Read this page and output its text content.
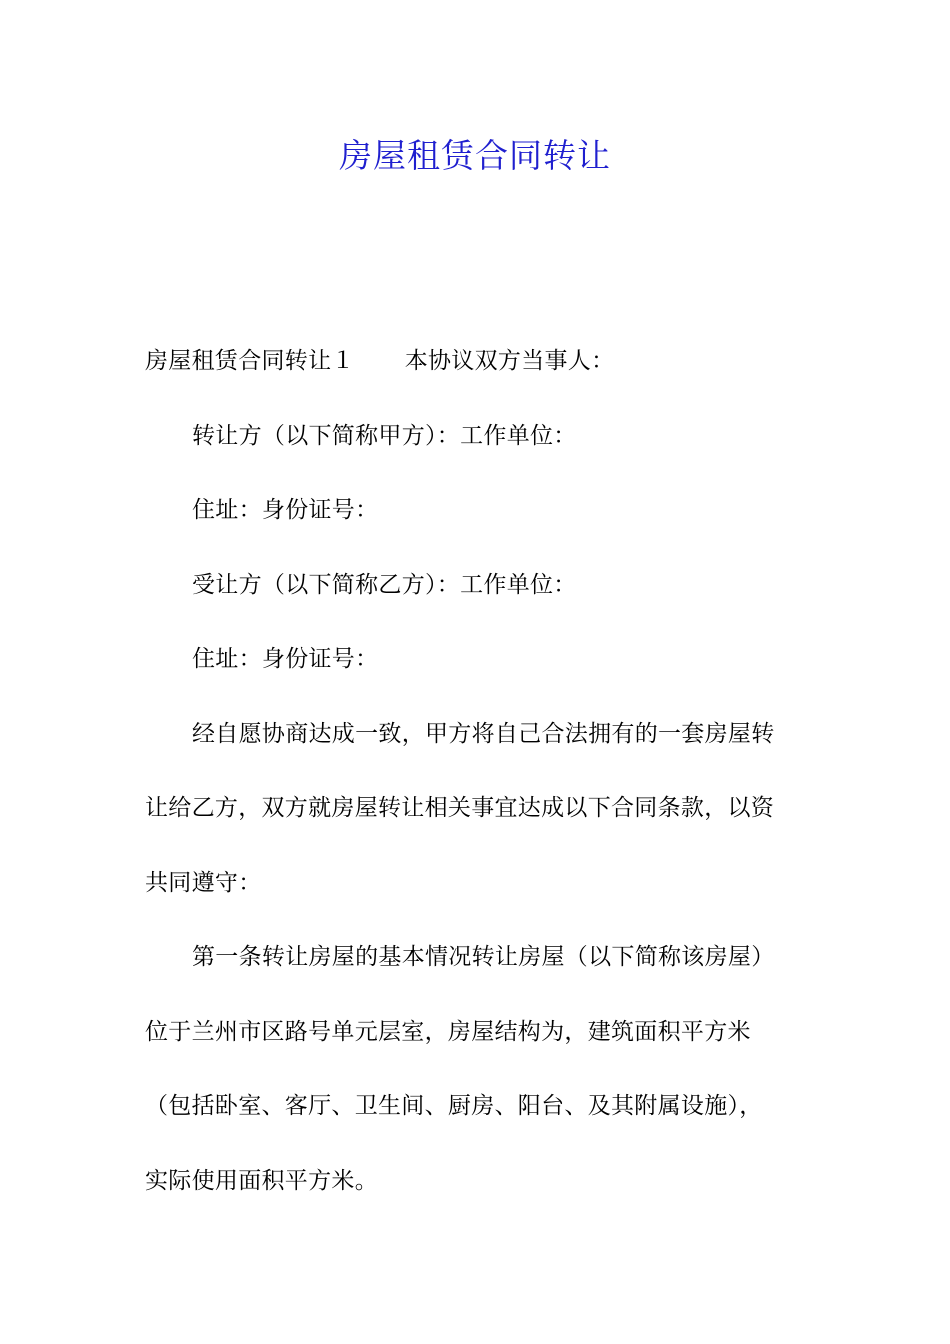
房屋租赁合同转让
房屋租赁合同转让１ 本协议双方当事人：
转让方（以下简称甲方）：工作单位：
住址：身份证号：
受让方（以下简称乙方）：工作单位：
住址：身份证号：
经自愿协商达成一致，甲方将自己合法拥有的一套房屋转
让给乙方，双方就房屋转让相关事宜达成以下合同条款，以资
共同遵守：
第一条转让房屋的基本情况转让房屋（以下简称该房屋）
位于兰州市区路号单元层室，房屋结构为，建筑面积平方米
（包括卧室、客厅、卫生间、厨房、阳台、及其附属设施），
实际使用面积平方米。
